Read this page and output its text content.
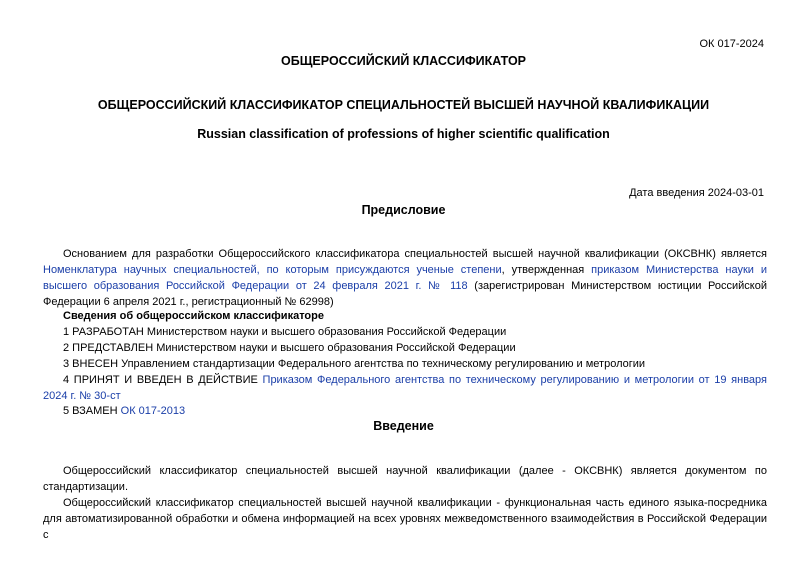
ОК 017-2024
ОБЩЕРОССИЙСКИЙ КЛАССИФИКАТОР
ОБЩЕРОССИЙСКИЙ КЛАССИФИКАТОР СПЕЦИАЛЬНОСТЕЙ ВЫСШЕЙ НАУЧНОЙ КВАЛИФИКАЦИИ
Russian classification of professions of higher scientific qualification
Дата введения 2024-03-01
Предисловие
Основанием для разработки Общероссийского классификатора специальностей высшей научной квалификации (ОКСВНК) является Номенклатура научных специальностей, по которым присуждаются ученые степени, утвержденная приказом Министерства науки и высшего образования Российской Федерации от 24 февраля 2021 г. № 118 (зарегистрирован Министерством юстиции Российской Федерации 6 апреля 2021 г., регистрационный № 62998)
Сведения об общероссийском классификаторе
1 РАЗРАБОТАН Министерством науки и высшего образования Российской Федерации
2 ПРЕДСТАВЛЕН Министерством науки и высшего образования Российской Федерации
3 ВНЕСЕН Управлением стандартизации Федерального агентства по техническому регулированию и метрологии
4 ПРИНЯТ И ВВЕДЕН В ДЕЙСТВИЕ Приказом Федерального агентства по техническому регулированию и метрологии от 19 января 2024 г. № 30-ст
5 ВЗАМЕН ОК 017-2013
Введение
Общероссийский классификатор специальностей высшей научной квалификации (далее - ОКСВНК) является документом по стандартизации.
Общероссийский классификатор специальностей высшей научной квалификации - функциональная часть единого языка-посредника для автоматизированной обработки и обмена информацией на всех уровнях межведомственного взаимодействия в Российской Федерации с
